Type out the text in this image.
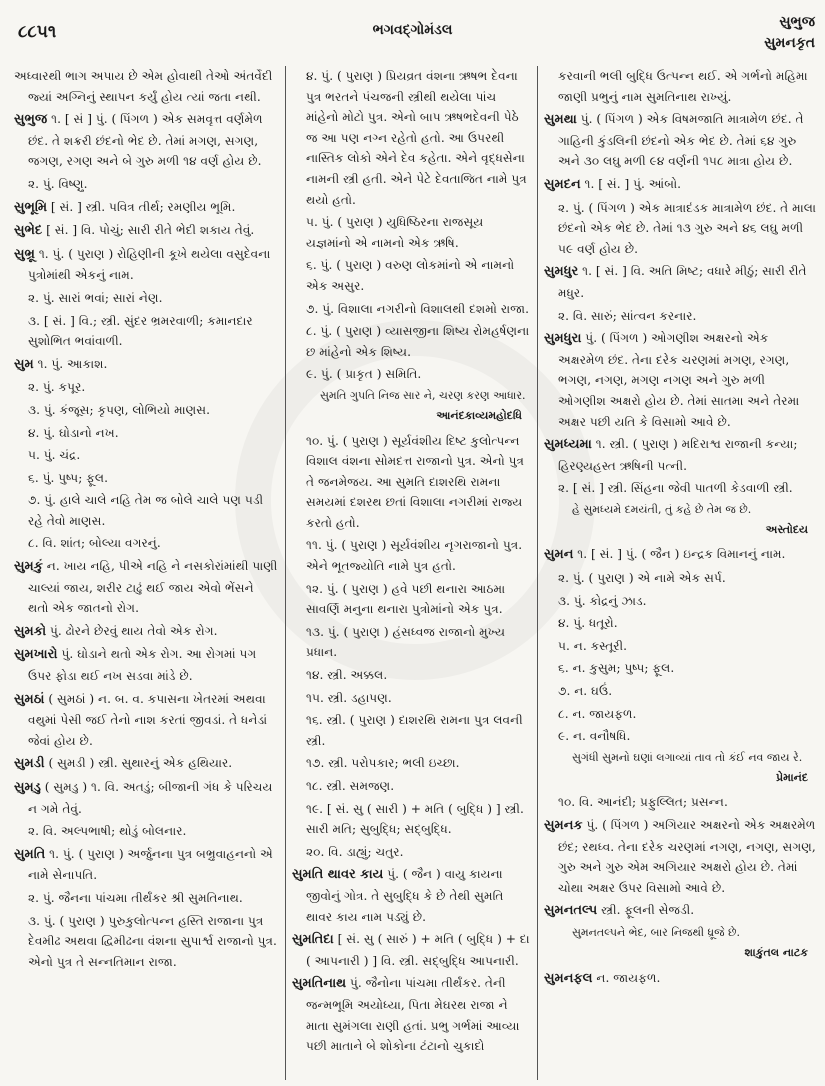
૮૮૫૧	ભગવદ્ગોમંડલ	સુભુજ
સુમનકૃત
અધ્વારથી ભાગ અપાય છે એમ હોવાથી તેઓ અંતર્વેદી જ્યાં અગ્નિનું સ્થાપન કર્યું હોય ત્યાં જતા નથી.
સુભુજ ૧. [ સં ] પું. ( પિંગળ ) એક સમવૃત્ત વર્ણમેળ છંદ. તે શક્રરી છંદનો ભેદ છે. તેમાં મગણ, સગણ, જગણ, રગણ અને બે ગુરુ મળી ૧૪ વર્ણ હોય છે.
૨. પું. વિષ્ણુ.
સુભૂમિ [ સં. ] સ્ત્રી. પવિત્ર તીર્થ; રમણીય ભૂમિ.
સુભેદ [ સં. ] વિ. પોચું; સારી રીતે ભેદી શકાય તેવું.
સુભ્રૂ ૧. પું. ( પુરાણ ) રોહિણીની કૂખે થયેલા વસુદેવના પુત્રોમાંથી એકનું નામ.
૨. પું. સારાં ભવાં; સારાં નેણ.
૩. [ સં. ] વિ.; સ્ત્રી. સુંદર ભ્રમરવાળી; કમાનદાર સુશોભિત ભવાંવાળી.
સુમ ૧. પું. આકાશ.
૨. પું. કપૂર.
૩. પું. કંજૂસ; કૃપણ, લોભિયો માણસ.
૪. પું. ઘોડાનો નખ.
૫. પું. ચંદ્ર.
૬. પું. પુષ્પ; ફૂલ.
૭. પું. હાલે ચાલે નહિ તેમ જ બોલે ચાલે પણ ૫ડી રહે તેવો માણસ.
૮. વિ. શાંત; બોલ્યા વગરનું.
સુમકું ન. ખાય નહિ, પીએ નહિ ને નસકોરાંમાંથી પાણી ચાલ્યાં જાય, શરીર ટાઢું થઈ જાય એવો ભેંસને થતો એક જાતનો રોગ.
સુમકો પું. ઢોરને છેરવું થાય તેવો એક રોગ.
સુમખારો પું. ઘોડાને થતો એક રોગ. આ રોગમાં પગ ઉપર ફોડા થઈ નખ સડવા માંડે છે.
સુમઠાં ( સુમઠાં ) ન. બ. વ. કપાસના ખેતરમાં અથવા વથુમાં પેસી જઈ તેનો નાશ કરતાં જીવડાં. તે ધનેડાં જેવાં હોય છે.
સુમડી ( સુમડી ) સ્ત્રી. સુથારનું એક હથિયાર.
સુમડુ ( સુમડુ ) ૧. વિ. અતડું; બીજાની ગંધ કે પરિચય ન ગમે તેવું.
૨. વિ. અલ્પભાષી; થોડું બોલનાર.
સુમતિ ૧. પું. ( પુરાણ ) અર્જુનના પુત્ર બભ્રુવાહનનો એ નામે સેનાપતિ.
૨. પું. જૈનના પાંચમા તીર્થંકર શ્રી સુમતિનાથ.
૩. પું. ( પુરાણ ) પુરુકુલોત્પન્ન હસ્તિ રાજાના પુત્ર દેવમીઢ અથવા દ્વિમીઢના વંશના સુપાર્શ્વ રાજાનો પુત્ર. એનો પુત્ર તે સન્નતિમાન રાજા.
૪. પું. ( પુરાણ ) પ્રિયવ્રત વંશના ઋષભ દેવના પુત્ર ભરતને પંચજની સ્ત્રીથી થયેલા પાંચ માંહેનો મોટો પુત્ર. એનો બાપ ઋષભદેવની પેઠે જ આ પણ નગ્ન રહેતો હતો. આ ઉપરથી નાસ્તિક લોકો એને દેવ કહેતા. એને વૃદ્ધસેના નામની સ્ત્રી હતી. એને પેટે દેવતાજિત નામે પુત્ર થયો હતો.
૫. પું. ( પુરાણ ) યુધિષ્ઠિરના રાજસૂય યજ્ઞમાંનો એ નામનો એક ઋષિ.
૬. પું. ( પુરાણ ) વરુણ લોકમાંનો એ નામનો એક અસુર.
૭. પું. વિશાલા નગરીનો વિશાલથી દશમો રાજા.
૮. પું. ( પુરાણ ) વ્યાસજીના શિષ્ય રોમહર્ષણના છ માંહેનો એક શિષ્ય.
૯. પું. ( પ્રાકૃત ) સમિતિ.
સુમતિ ગુપતિ નિજ સાર ને, ચરણ કરણ આધાર.
આનંદકાવ્યમહોદધિ
૧૦. પું. ( પુરાણ ) સૂર્યવંશીય દિષ્ટ કુલોત્પન્ન વિશાલ વંશના સોમદત્ત રાજાનો પુત્ર. એનો પુત્ર તે જનમેજય. આ સુમતિ દાશરથિ રામના સમયમાં દશરથ છતાં વિશાલા નગરીમાં રાજ્ય કરતો હતો.
૧૧. પું. ( પુરાણ ) સૂર્યવંશીય નૃગરાજાનો પુત્ર. એને ભૂતજ્યોતિ નામે પુત્ર હતો.
૧૨. પું. ( પુરાણ ) હવે પછી થનારા આઠમા સાવર્ણિ મનુના થનારા પુત્રોમાંનો એક પુત્ર.
૧૩. પું. ( પુરાણ ) હંસધ્વજ રાજાનો મુખ્ય પ્રધાન.
૧૪. સ્ત્રી. અક્કલ.
૧૫. સ્ત્રી. ડહાપણ.
૧૬. સ્ત્રી. ( પુરાણ ) દાશરથિ રામના પુત્ર લવની સ્ત્રી.
૧૭. સ્ત્રી. પરોપકાર; ભલી ઇચ્છા.
૧૮. સ્ત્રી. સમજણ.
૧૯. [ સં. સુ ( સારી ) + મતિ ( બુદ્ધિ ) ] સ્ત્રી. સારી મતિ; સુબુદ્ધિ; સદ્બુદ્ધિ.
૨૦. વિ. ડાહ્યું; ચતુર.
સુમતિ થાવર કાય પું. ( જૈન ) વાયુ કાયના જીવોનું ગોત્ર. તે સુબુદ્ધિ કે છે તેથી સુમતિ થાવર કાય નામ પડ્યું છે.
સુમતિદા [ સં. સુ ( સારું ) + મતિ ( બુદ્ધિ ) + દા ( આપનારી ) ] વિ. સ્ત્રી. સદ્બુદ્ધિ આપનારી.
સુમતિનાથ પું. જૈનોના પાંચમા તીર્થંકર. તેની જન્મભૂમિ અયોધ્યા, પિતા મેઘરથ રાજા ને માતા સુમંગલા રાણી હતાં. પ્રભુ ગર્ભમાં આવ્યા પછી માતાને બે શોકોના ટંટાનો ચુકાદો
કરવાની ભલી બુદ્ધિ ઉત્પન્ન થઈ. એ ગર્ભનો મહિમા જાણી પ્રભુનું નામ સુમતિનાથ રાખ્યું.
સુમથા પું. ( પિંગળ ) એક વિષમજાતિ માત્રામેળ છંદ. તે ગાહિની કુંડલિની છંદનો એક ભેદ છે. તેમાં ૬૪ ગુરુ અને ૩૦ લઘુ મળી ૯૪ વર્ણની ૧૫૮ માત્રા હોય છે.
સુમદન ૧. [ સં. ] પું. આંબો.
૨. પું. ( પિંગળ ) એક માત્રાદંડક માત્રામેળ છંદ. તે માલા છંદનો એક ભેદ છે. તેમાં ૧૩ ગુરુ અને ૪૬ લઘુ મળી ૫૯ વર્ણ હોય છે.
સુમધુર ૧. [ સં. ] વિ. અતિ મિષ્ટ; વધારે મીઠું; સારી રીતે મધુર.
૨. વિ. સારું; સાંત્વન કરનાર.
સુમધુરા પું. ( પિંગળ ) ઓગણીશ અક્ષરનો એક અક્ષરમેળ છંદ. તેના દરેક ચરણમાં મગણ, રગણ, ભગણ, નગણ, મગણ નગણ અને ગુરુ મળી ઓગણીશ અક્ષરો હોય છે. તેમાં સાતમા અને તેરમા અક્ષર પછી યતિ કે વિસામો આવે છે.
સુમધ્યમા ૧. સ્ત્રી. ( પુરાણ ) મદિરાશ્વ રાજાની કન્યા; હિરણ્યહસ્ત ઋષિની પત્ની.
૨. [ સં. ] સ્ત્રી. સિંહના જેવી પાતળી કેડવાળી સ્ત્રી.
હે સુમધ્યમે દમયંતી, તું કહે છે તેમ જ છે.
અસ્તોદય
સુમન ૧. [ સં. ] પું. ( જૈન ) ઇન્દ્રક વિમાનનું નામ.
૨. પું. ( પુરાણ ) એ નામે એક સર્પ.
૩. પું. કોદ્રનું ઝાડ.
૪. પું. ધતૂરો.
૫. ન. કસ્તૂરી.
૬. ન. કુસુમ; પુષ્પ; ફૂલ.
૭. ન. ઘઉં.
૮. ન. જાયફળ.
૯. ન. વનૌષધિ.
સુગંધી સુમનો ઘણાં લગાવ્યાં તાવ તો કંઈ નવ જાય રે.
પ્રેમાનંદ
૧૦. વિ. આનંદી; પ્રફુલ્લિત; પ્રસન્ન.
સુમનક પું. ( પિંગળ ) અગિયાર અક્ષરનો એક અક્ષરમેળ છંદ; રથધ્વ. તેના દરેક ચરણમાં નગણ, નગણ, સગણ, ગુરુ અને ગુરુ એમ અગિયાર અક્ષરો હોય છે. તેમાં ચોથા અક્ષર ઉપર વિસામો આવે છે.
સુમનતલ્પ સ્ત્રી. ફૂલની સેજડી.
સુમનતલ્પને ભેદ, બાર નિજથી ધ્રૂજે છે.
શાકુંતલ નાટક
સુમનફલ ન. જાયફળ.
